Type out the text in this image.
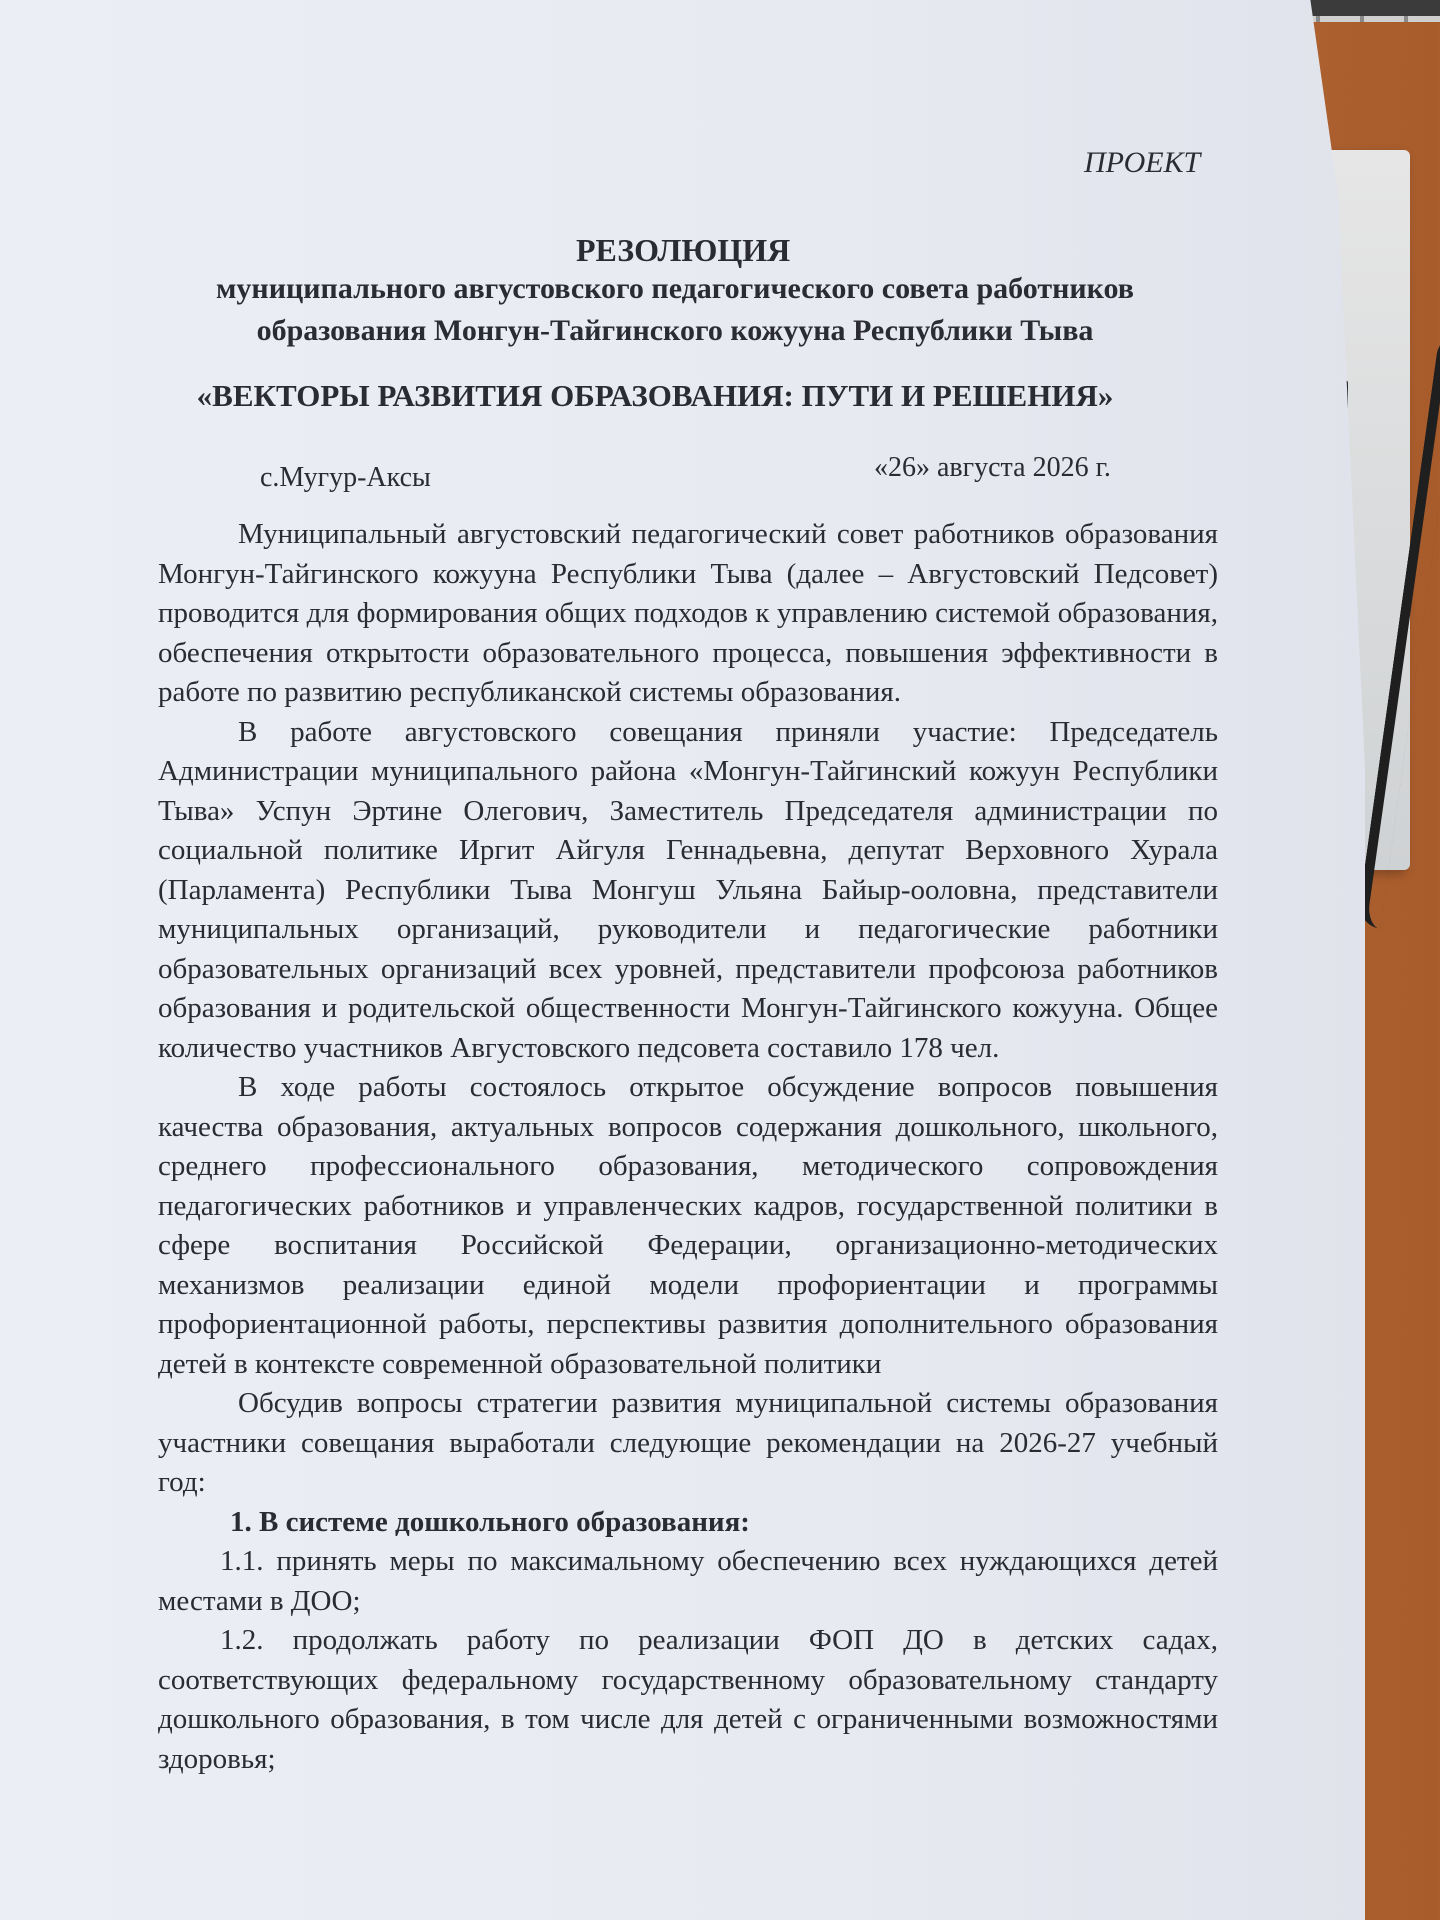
ПРОЕКТ
РЕЗОЛЮЦИЯ
муниципального августовского педагогического совета работников
образования Монгун-Тайгинского кожууна Республики Тыва
«ВЕКТОРЫ РАЗВИТИЯ ОБРАЗОВАНИЯ: ПУТИ И РЕШЕНИЯ»
с.Мугур-Аксы	«26» августа 2026 г.

Муниципальный августовский педагогический совет работников образования Монгун-Тайгинского кожууна Республики Тыва (далее – Августовский Педсовет) проводится для формирования общих подходов к управлению системой образования, обеспечения открытости образовательного процесса, повышения эффективности в работе по развитию республиканской системы образования.

В работе августовского совещания приняли участие: Председатель Администрации муниципального района «Монгун-Тайгинский кожуун Республики Тыва» Успун Эртине Олегович, Заместитель Председателя администрации по социальной политике Иргит Айгуля Геннадьевна, депутат Верховного Хурала (Парламента) Республики Тыва Монгуш Ульяна Байыр-ооловна, представители муниципальных организаций, руководители и педагогические работники образовательных организаций всех уровней, представители профсоюза работников образования и родительской общественности Монгун-Тайгинского кожууна. Общее количество участников Августовского педсовета составило 178 чел.

В ходе работы состоялось открытое обсуждение вопросов повышения качества образования, актуальных вопросов содержания дошкольного, школьного, среднего профессионального образования, методического сопровождения педагогических работников и управленческих кадров, государственной политики в сфере воспитания Российской Федерации, организационно-методических механизмов реализации единой модели профориентации и программы профориентационной работы, перспективы развития дополнительного образования детей в контексте современной образовательной политики

Обсудив вопросы стратегии развития муниципальной системы образования участники совещания выработали следующие рекомендации на 2026-27 учебный год:

1. В системе дошкольного образования:

1.1. принять меры по максимальному обеспечению всех нуждающихся детей местами в ДОО;

1.2. продолжать работу по реализации ФОП ДО в детских садах, соответствующих федеральному государственному образовательному стандарту дошкольного образования, в том числе для детей с ограниченными возможностями здоровья;
